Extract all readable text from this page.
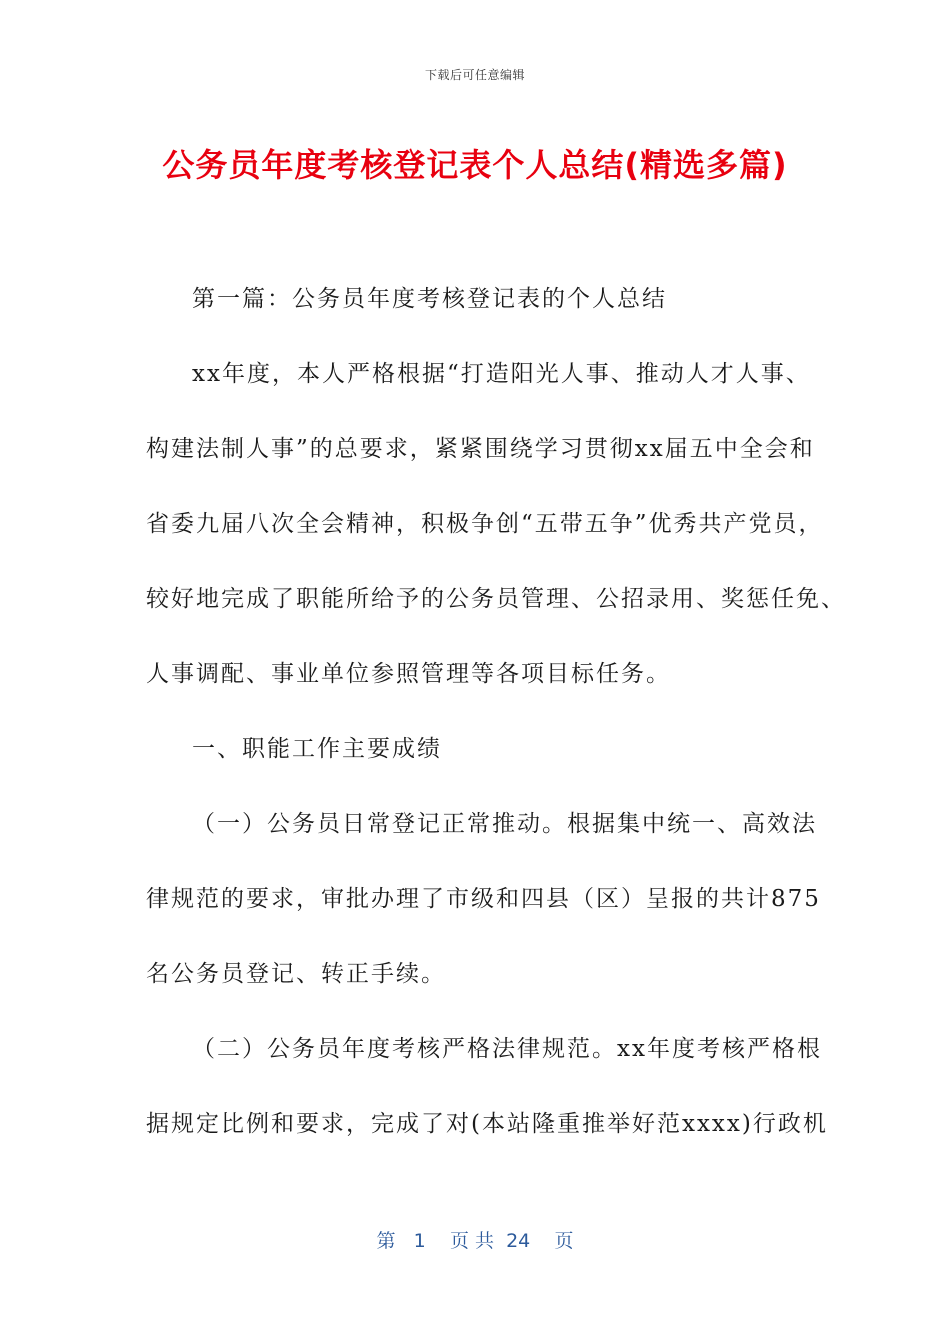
下载后可任意编辑
公务员年度考核登记表个人总结(精选多篇)

第一篇：公务员年度考核登记表的个人总结

xx年度，本人严格根据“打造阳光人事、推动人才人事、

构建法制人事”的总要求，紧紧围绕学习贯彻xx届五中全会和

省委九届八次全会精神，积极争创“五带五争”优秀共产党员，

较好地完成了职能所给予的公务员管理、公招录用、奖惩任免、

人事调配、事业单位参照管理等各项目标任务。

一、职能工作主要成绩

（一）公务员日常登记正常推动。根据集中统一、高效法

律规范的要求，审批办理了市级和四县（区）呈报的共计875

名公务员登记、转正手续。

（二）公务员年度考核严格法律规范。xx年度考核严格根

据规定比例和要求，完成了对(本站隆重推举好范xxxx)行政机

第 1 页 共 24 页
